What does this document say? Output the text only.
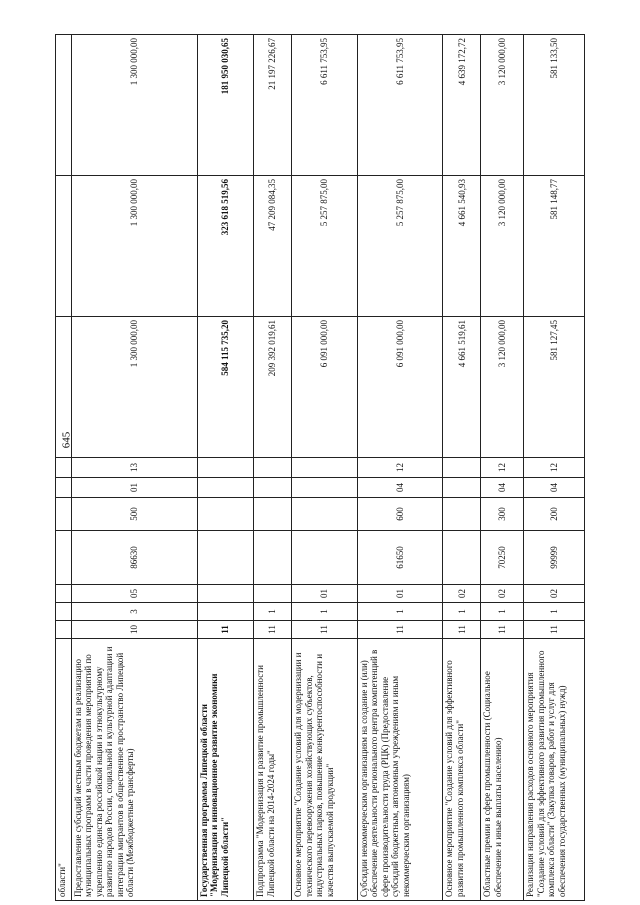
645
области"										
Предоставление субсидий местным бюджетам на реализацию муниципальных программ в части проведения мероприятий по укреплению единства российской нации и этнокультурному развитию народов России, социальной и культурной адаптации и интеграции мигрантов в общественное пространство Липецкой области (Межбюджетные трансферты)	10	3	05	86630	500	01	13	1 300 000,00	1 300 000,00	1 300 000,00
Государственная программа Липецкой области "Модернизация и инновационное развитие экономики Липецкой области"	11							584 115 735,20	323 618 519,56	181 950 030,65
Подпрограмма "Модернизация и развитие промышленности Липецкой области на 2014-2024 годы"	11	1						209 392 019,61	47 209 084,35	21 197 226,67
Основное мероприятие "Создание условий для модернизации и технического перевооружения хозяйствующих субъектов, индустриальных парков, повышение конкурентоспособности и качества выпускаемой продукции"	11	1	01					6 091 000,00	5 257 875,00	6 611 753,95
Субсидии некоммерческим организациям на создание и (или) обеспечение деятельности регионального центра компетенций в сфере производительности труда (РЦК) (Предоставление субсидий бюджетным, автономным учреждениям и иным некоммерческим организациям)	11	1	01	61650	600	04	12	6 091 000,00	5 257 875,00	6 611 753,95
Основное мероприятие "Создание условий для эффективного развития промышленного комплекса области"	11	1	02					4 661 519,61	4 661 540,93	4 639 172,72
Областные премии в сфере промышленности (Социальное обеспечение и иные выплаты населению)	11	1	02	70250	300	04	12	3 120 000,00	3 120 000,00	3 120 000,00
Реализация направления расходов основного мероприятия "Создание условий для эффективного развития промышленного комплекса области" (Закупка товаров, работ и услуг для обеспечения государственных (муниципальных) нужд)	11	1	02	99999	200	04	12	581 127,45	581 148,77	581 133,50
